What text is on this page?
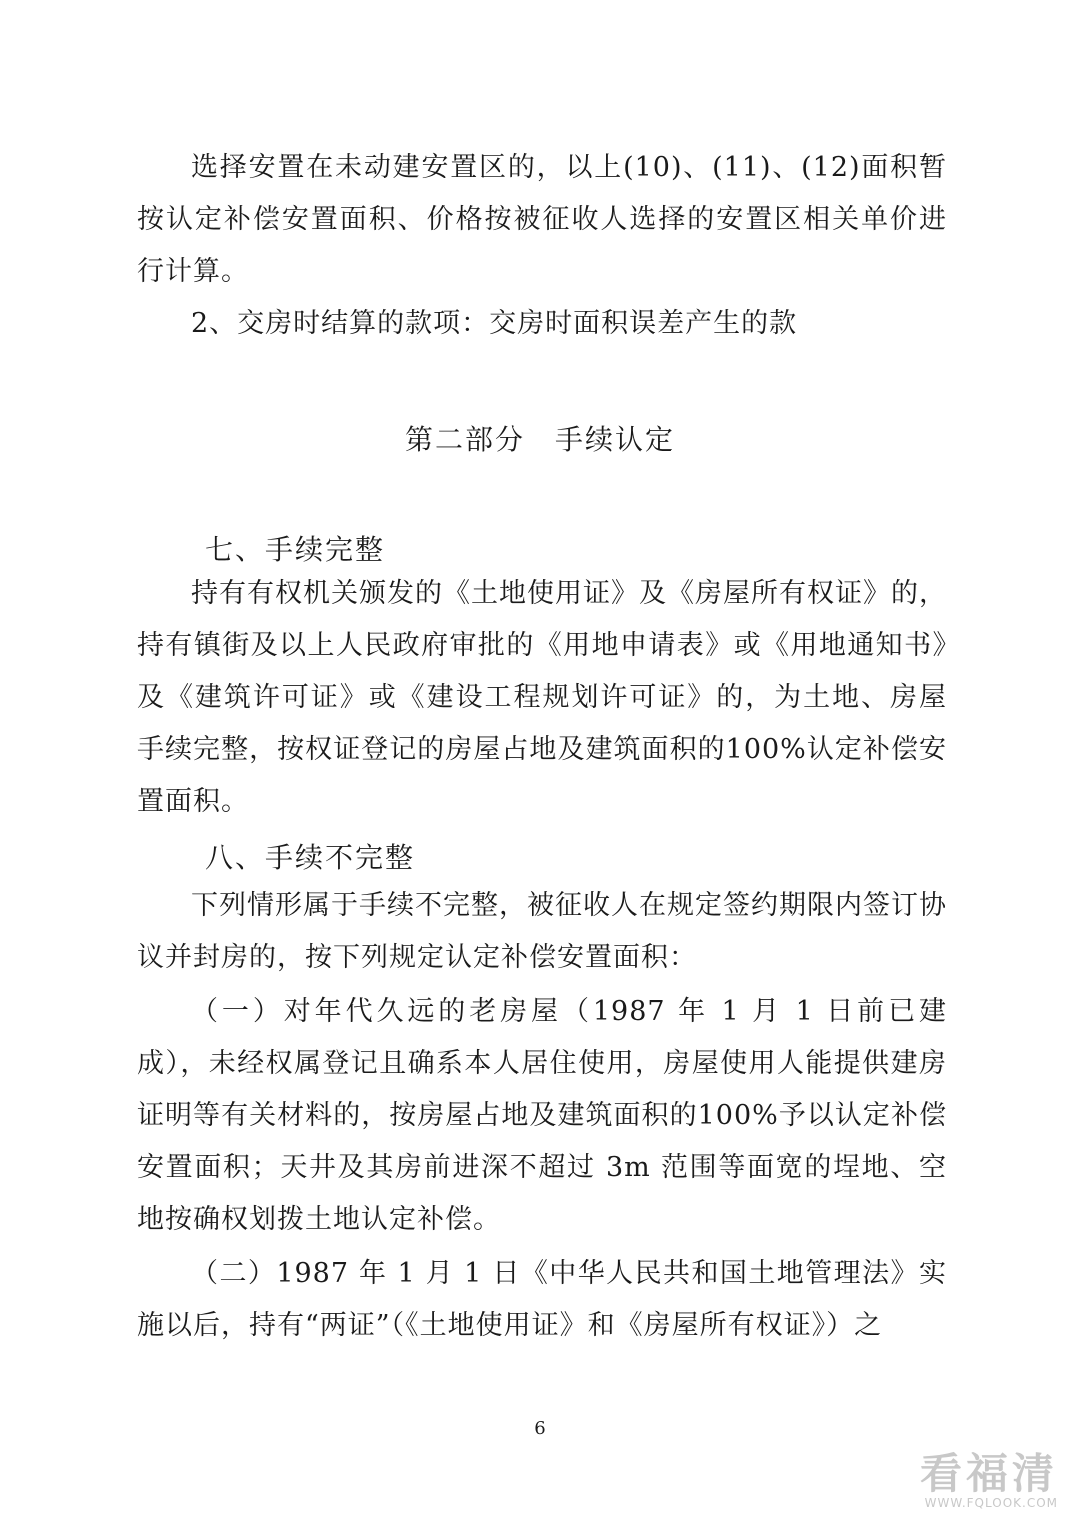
选择安置在未动建安置区的，以上(10)、(11)、(12)面积暂按认定补偿安置面积、价格按被征收人选择的安置区相关单价进行计算。
2、交房时结算的款项：交房时面积误差产生的款
第二部分　手续认定
七、手续完整
持有有权机关颁发的《土地使用证》及《房屋所有权证》的，持有镇街及以上人民政府审批的《用地申请表》或《用地通知书》及《建筑许可证》或《建设工程规划许可证》的，为土地、房屋手续完整，按权证登记的房屋占地及建筑面积的100%认定补偿安置面积。
八、手续不完整
下列情形属于手续不完整，被征收人在规定签约期限内签订协议并封房的，按下列规定认定补偿安置面积：
（一）对年代久远的老房屋（1987 年 1 月 1 日前已建成），未经权属登记且确系本人居住使用，房屋使用人能提供建房证明等有关材料的，按房屋占地及建筑面积的100%予以认定补偿安置面积；天井及其房前进深不超过 3m 范围等面宽的埕地、空地按确权划拨土地认定补偿。
（二）1987 年 1 月 1 日《中华人民共和国土地管理法》实施以后，持有“两证”（《土地使用证》和《房屋所有权证》）之
6
看福清
WWW.FQLOOK.COM
